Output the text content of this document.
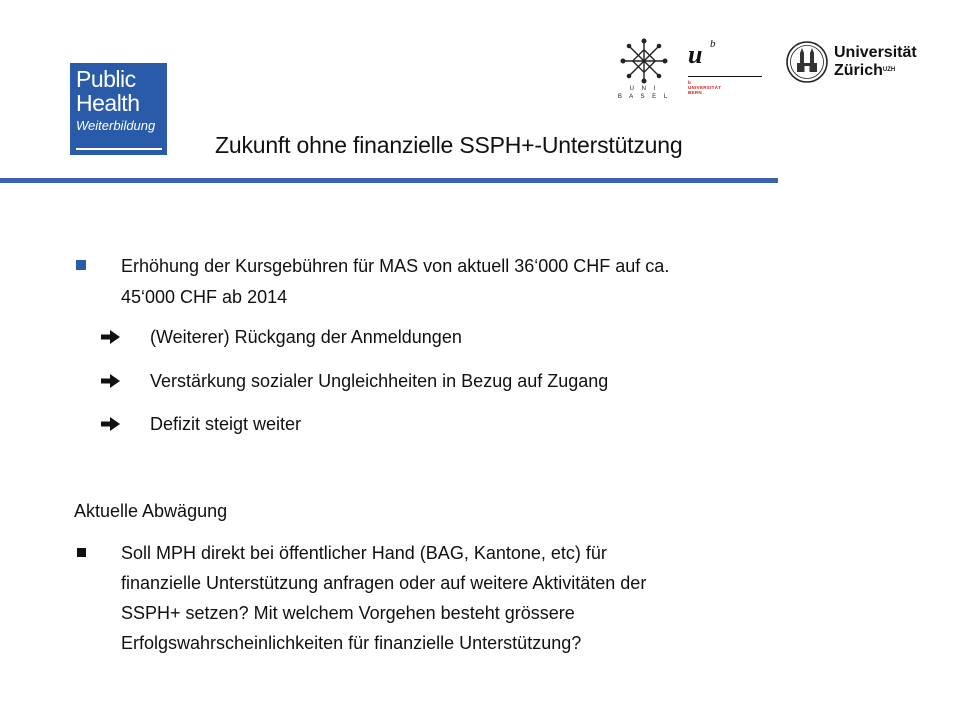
Public
Health
Weiterbildung
U N I
B A S E L
u b
b
UNIVERSITÄT
BERN
Universität
Zürich$^{UZH}$
Zukunft ohne finanzielle SSPH+-Unterstützung
Erhöhung der Kursgebühren für MAS von aktuell 36‘000 CHF auf ca.
45‘000 CHF ab 2014
(Weiterer) Rückgang der Anmeldungen
Verstärkung sozialer Ungleichheiten in Bezug auf Zugang
Defizit steigt weiter
Aktuelle Abwägung
Soll MPH direkt bei öffentlicher Hand (BAG, Kantone, etc) für
finanzielle Unterstützung anfragen oder auf weitere Aktivitäten der
SSPH+ setzen? Mit welchem Vorgehen besteht grössere
Erfolgswahrscheinlichkeiten für finanzielle Unterstützung?
